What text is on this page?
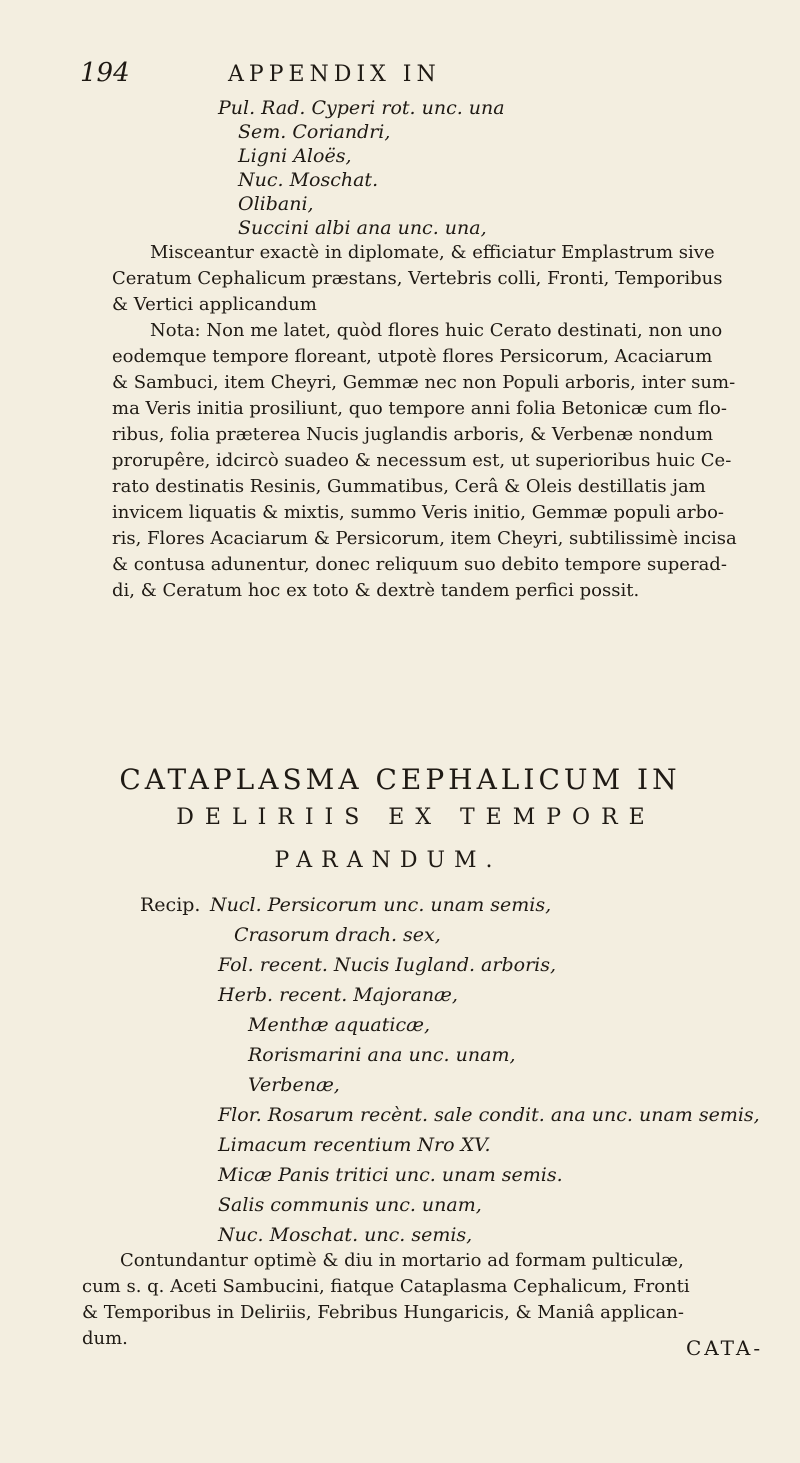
194	APPENDIX IN
Pul. Rad. Cyperi rot. unc. una
Sem. Coriandri,
Ligni Aloës,
Nuc. Moschat.
Olibani,
Succini albi ana unc. una,

Misceantur exactè in diplomate, & efficiatur Emplastrum sive

Ceratum Cephalicum præstans, Vertebris colli, Fronti, Temporibus

& Vertici applicandum

Nota: Non me latet, quòd flores huic Cerato destinati, non uno

eodemque tempore floreant, utpotè flores Persicorum, Acaciarum

& Sambuci, item Cheyri, Gemmæ nec non Populi arboris, inter sum-

ma Veris initia prosiliunt, quo tempore anni folia Betonicæ cum flo-

ribus, folia præterea Nucis juglandis arboris, & Verbenæ nondum

prorupêre, idcircò suadeo & necessum est, ut superioribus huic Ce-

rato destinatis Resinis, Gummatibus, Cerâ & Oleis destillatis jam

invicem liquatis & mixtis, summo Veris initio, Gemmæ populi arbo-

ris, Flores Acaciarum & Persicorum, item Cheyri, subtilissimè incisa

& contusa adunentur, donec reliquum suo debito tempore superad-

di, & Ceratum hoc ex toto & dextrè tandem perfici possit.

CATAPLASMA CEPHALICUM IN
DELIRIIS EX TEMPORE
PARANDUM.
Recip. Nucl. Persicorum unc. unam semis,
Crasorum drach. sex,
Fol. recent. Nucis Iugland. arboris,
Herb. recent. Majoranæ,
Menthæ aquaticæ,
Rorismarini ana unc. unam,
Verbenæ,
Flor. Rosarum recènt. sale condit. ana unc. unam semis,
Limacum recentium Nro XV.
Micæ Panis tritici unc. unam semis.
Salis communis unc. unam,
Nuc. Moschat. unc. semis,

Contundantur optimè & diu in mortario ad formam pulticulæ,

cum s. q. Aceti Sambucini, fiatque Cataplasma Cephalicum, Fronti

& Temporibus in Deliriis, Febribus Hungaricis, & Maniâ applican-

dum.	CATA-
